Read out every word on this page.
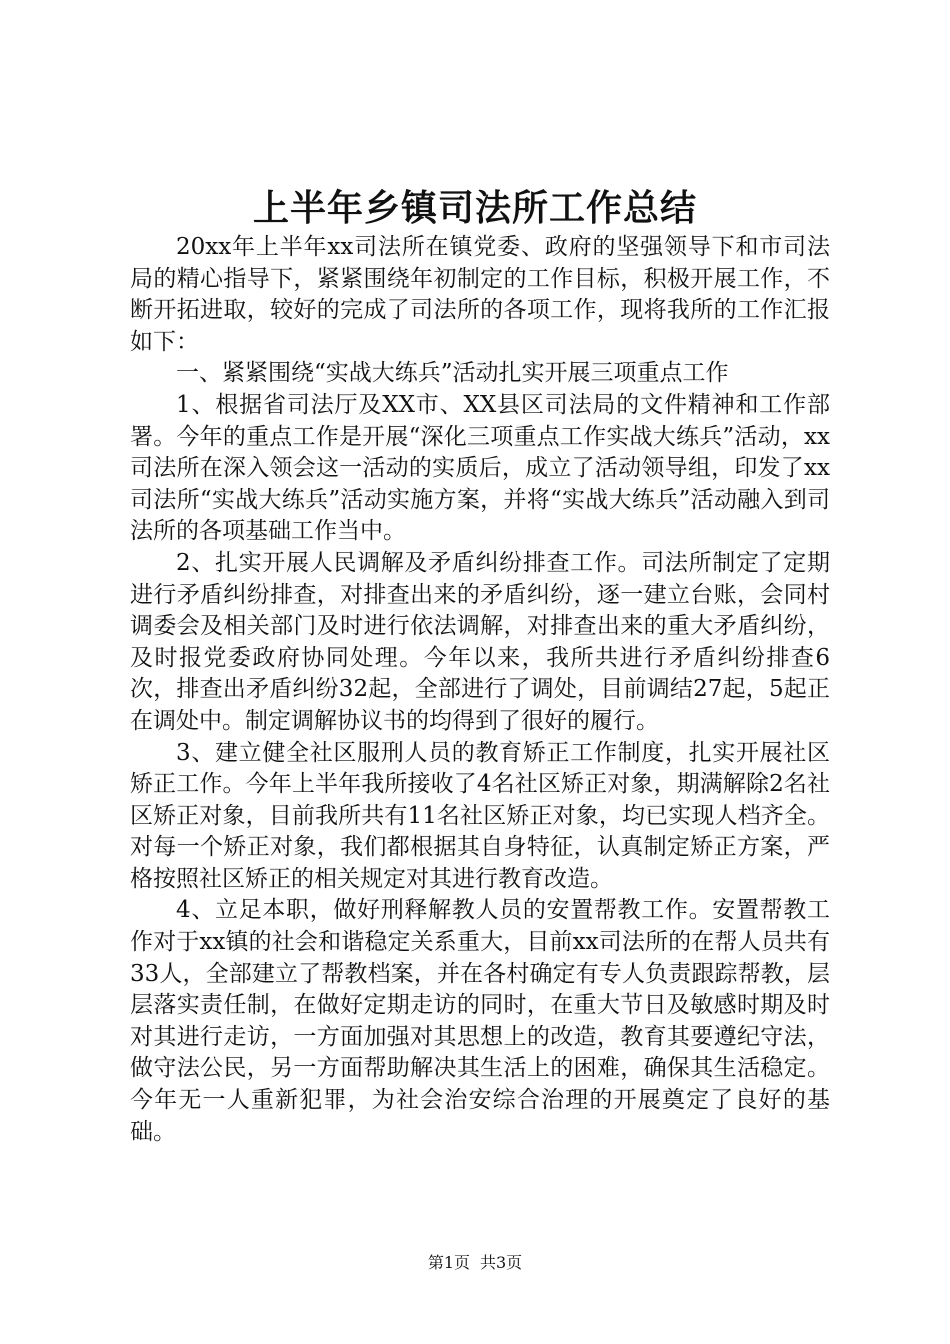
上半年乡镇司法所工作总结

20xx年上半年xx司法所在镇党委、政府的坚强领导下和市司法局的精心指导下，紧紧围绕年初制定的工作目标，积极开展工作，不断开拓进取，较好的完成了司法所的各项工作，现将我所的工作汇报如下：

一、紧紧围绕“实战大练兵”活动扎实开展三项重点工作

1、根据省司法厅及XX市、XX县区司法局的文件精神和工作部署。今年的重点工作是开展“深化三项重点工作实战大练兵”活动，xx司法所在深入领会这一活动的实质后，成立了活动领导组，印发了xx司法所“实战大练兵”活动实施方案，并将“实战大练兵”活动融入到司法所的各项基础工作当中。

2、扎实开展人民调解及矛盾纠纷排查工作。司法所制定了定期进行矛盾纠纷排查，对排查出来的矛盾纠纷，逐一建立台账，会同村调委会及相关部门及时进行依法调解，对排查出来的重大矛盾纠纷，及时报党委政府协同处理。今年以来，我所共进行矛盾纠纷排查6次，排查出矛盾纠纷32起，全部进行了调处，目前调结27起，5起正在调处中。制定调解协议书的均得到了很好的履行。

3、建立健全社区服刑人员的教育矫正工作制度，扎实开展社区矫正工作。今年上半年我所接收了4名社区矫正对象，期满解除2名社区矫正对象，目前我所共有11名社区矫正对象，均已实现人档齐全。对每一个矫正对象，我们都根据其自身特征，认真制定矫正方案，严格按照社区矫正的相关规定对其进行教育改造。

4、立足本职，做好刑释解教人员的安置帮教工作。安置帮教工作对于xx镇的社会和谐稳定关系重大，目前xx司法所的在帮人员共有33人，全部建立了帮教档案，并在各村确定有专人负责跟踪帮教，层层落实责任制，在做好定期走访的同时，在重大节日及敏感时期及时对其进行走访，一方面加强对其思想上的改造，教育其要遵纪守法，做守法公民，另一方面帮助解决其生活上的困难，确保其生活稳定。今年无一人重新犯罪，为社会治安综合治理的开展奠定了良好的基础。

第1页 共3页
